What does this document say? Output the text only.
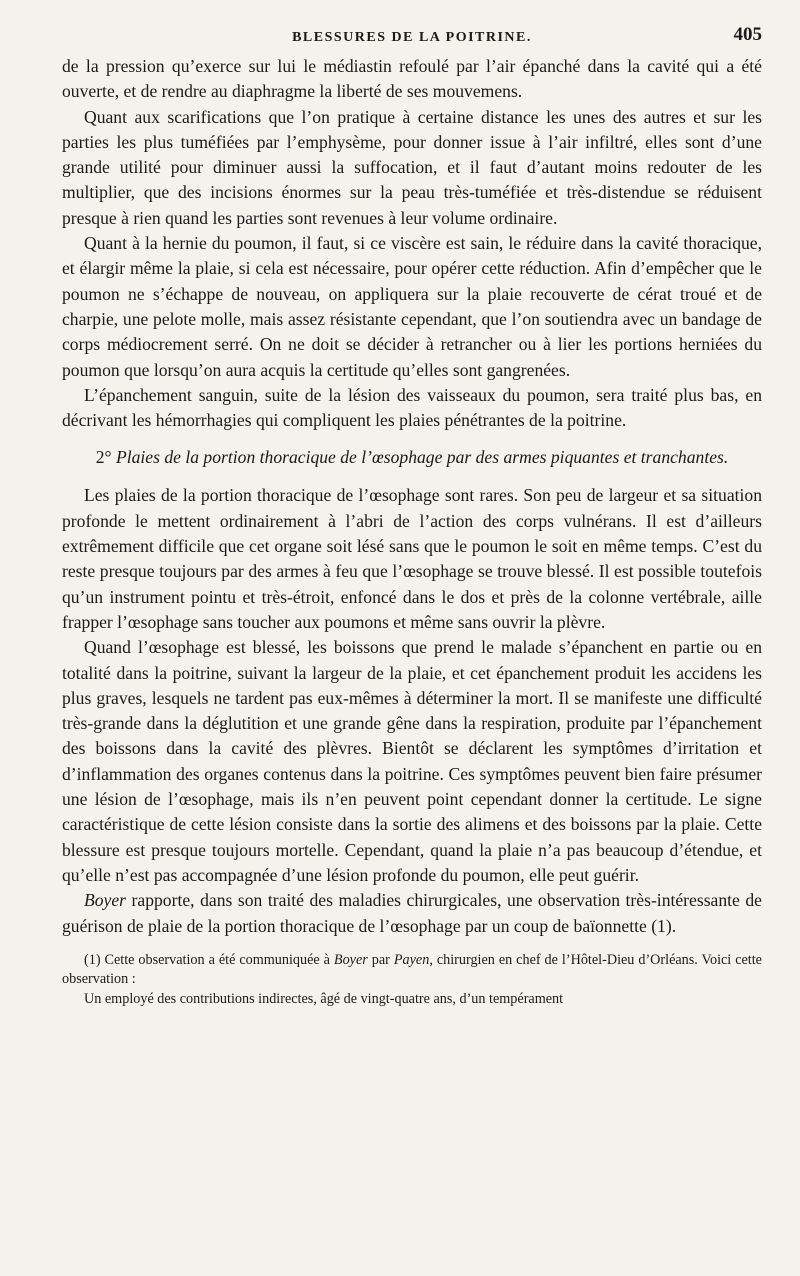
BLESSURES DE LA POITRINE.	405

de la pression qu’exerce sur lui le médiastin refoulé par l’air épanché dans la cavité qui a été ouverte, et de rendre au diaphragme la liberté de ses mouvemens.

Quant aux scarifications que l’on pratique à certaine distance les unes des autres et sur les parties les plus tuméfiées par l’emphysème, pour donner issue à l’air infiltré, elles sont d’une grande utilité pour diminuer aussi la suffocation, et il faut d’autant moins redouter de les multiplier, que des incisions énormes sur la peau très-tuméfiée et très-distendue se réduisent presque à rien quand les parties sont revenues à leur volume ordinaire.

Quant à la hernie du poumon, il faut, si ce viscère est sain, le réduire dans la cavité thoracique, et élargir même la plaie, si cela est nécessaire, pour opérer cette réduction. Afin d’empêcher que le poumon ne s’échappe de nouveau, on appliquera sur la plaie recouverte de cérat troué et de charpie, une pelote molle, mais assez résistante cependant, que l’on soutiendra avec un bandage de corps médiocrement serré. On ne doit se décider à retrancher ou à lier les portions herniées du poumon que lorsqu’on aura acquis la certitude qu’elles sont gangrenées.

L’épanchement sanguin, suite de la lésion des vaisseaux du poumon, sera traité plus bas, en décrivant les hémorrhagies qui compliquent les plaies pénétrantes de la poitrine.

2° Plaies de la portion thoracique de l’œsophage par des armes piquantes et tranchantes.

Les plaies de la portion thoracique de l’œsophage sont rares. Son peu de largeur et sa situation profonde le mettent ordinairement à l’abri de l’action des corps vulnérans. Il est d’ailleurs extrêmement difficile que cet organe soit lésé sans que le poumon le soit en même temps. C’est du reste presque toujours par des armes à feu que l’œsophage se trouve blessé. Il est possible toutefois qu’un instrument pointu et très-étroit, enfoncé dans le dos et près de la colonne vertébrale, aille frapper l’œsophage sans toucher aux poumons et même sans ouvrir la plèvre.

Quand l’œsophage est blessé, les boissons que prend le malade s’épanchent en partie ou en totalité dans la poitrine, suivant la largeur de la plaie, et cet épanchement produit les accidens les plus graves, lesquels ne tardent pas eux-mêmes à déterminer la mort. Il se manifeste une difficulté très-grande dans la déglutition et une grande gêne dans la respiration, produite par l’épanchement des boissons dans la cavité des plèvres. Bientôt se déclarent les symptômes d’irritation et d’inflammation des organes contenus dans la poitrine. Ces symptômes peuvent bien faire présumer une lésion de l’œsophage, mais ils n’en peuvent point cependant donner la certitude. Le signe caractéristique de cette lésion consiste dans la sortie des alimens et des boissons par la plaie. Cette blessure est presque toujours mortelle. Cependant, quand la plaie n’a pas beaucoup d’étendue, et qu’elle n’est pas accompagnée d’une lésion profonde du poumon, elle peut guérir.

Boyer rapporte, dans son traité des maladies chirurgicales, une observation très-intéressante de guérison de plaie de la portion thoracique de l’œsophage par un coup de baïonnette (1).

(1) Cette observation a été communiquée à Boyer par Payen, chirurgien en chef de l’Hôtel-Dieu d’Orléans. Voici cette observation :

Un employé des contributions indirectes, âgé de vingt-quatre ans, d’un tempérament
